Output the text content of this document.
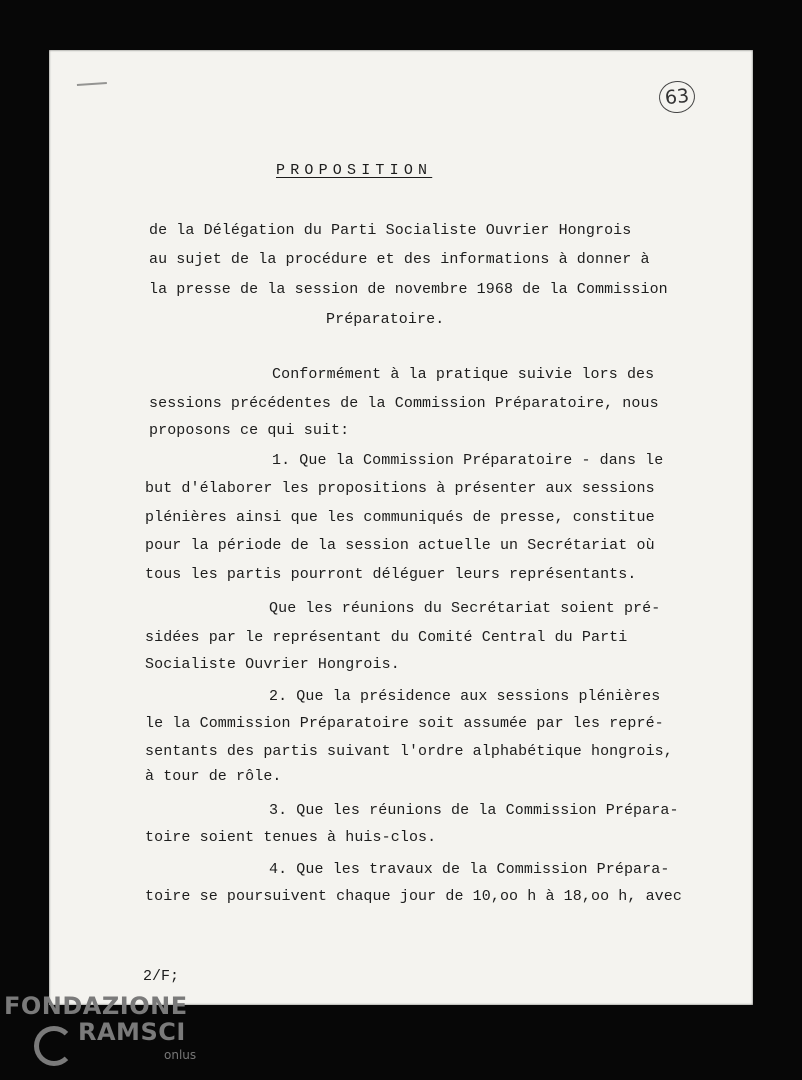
63
PROPOSITION
de la Délégation du Parti Socialiste Ouvrier Hongrois
au sujet de la procédure et des informations à donner à
la presse de la session de novembre 1968 de la Commission
Préparatoire.
Conformément à la pratique suivie lors des
sessions précédentes de la Commission Préparatoire, nous
proposons ce qui suit:
1. Que la Commission Préparatoire - dans le
but d'élaborer les propositions à présenter aux sessions
plénières ainsi que les communiqués de presse, constitue
pour la période de la session actuelle un Secrétariat où
tous les partis pourront déléguer leurs représentants.
Que les réunions du Secrétariat soient pré-
sidées par le représentant du Comité Central du Parti
Socialiste Ouvrier Hongrois.
2. Que la présidence aux sessions plénières
le la Commission Préparatoire soit assumée par les repré-
sentants des partis suivant l'ordre alphabétique hongrois,
à tour de rôle.
3. Que les réunions de la Commission Prépara-
toire soient tenues à huis-clos.
4. Que les travaux de la Commission Prépara-
toire se poursuivent chaque jour de 10,oo h à 18,oo h, avec
2/F;
FONDAZIONE
RAMSCI
onlus
